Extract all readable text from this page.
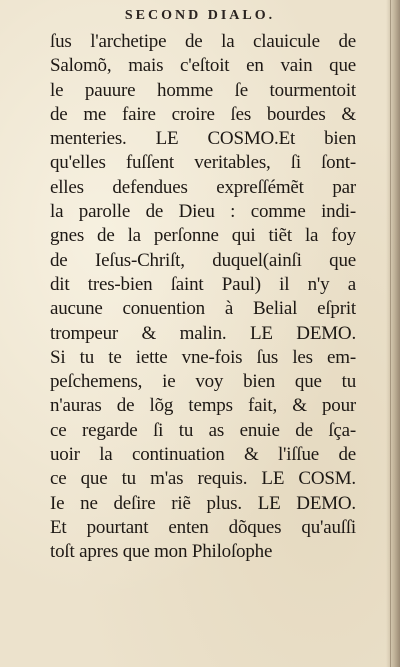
SECOND DIALO.
ſus l'archetipe de la clauicule de
Salomõ, mais c'eſtoit en vain que
le pauure homme ſe tourmentoit
de me faire croire ſes bourdes &
menteries. LE COSMO.Et bien
qu'elles fuſſent veritables, ſi ſont-
elles defendues expreſſémẽt par
la parolle de Dieu : comme indi-
gnes de la perſonne qui tiẽt la foy
de Ieſus-Chriſt, duquel(ainſi que
dit tres-bien ſaint Paul) il n'y a
aucune conuention à Belial eſprit
trompeur & malin. LE DEMO.
Si tu te iette vne-fois ſus les em-
peſchemens, ie voy bien que tu
n'auras de lõg temps fait, & pour
ce regarde ſi tu as enuie de ſça-
uoir la continuation & l'iſſue de
ce que tu m'as requis. LE COSM.
Ie ne deſire riẽ plus. LE DEMO.
Et pourtant enten dõques qu'auſſi
toſt apres que mon Philoſophe
